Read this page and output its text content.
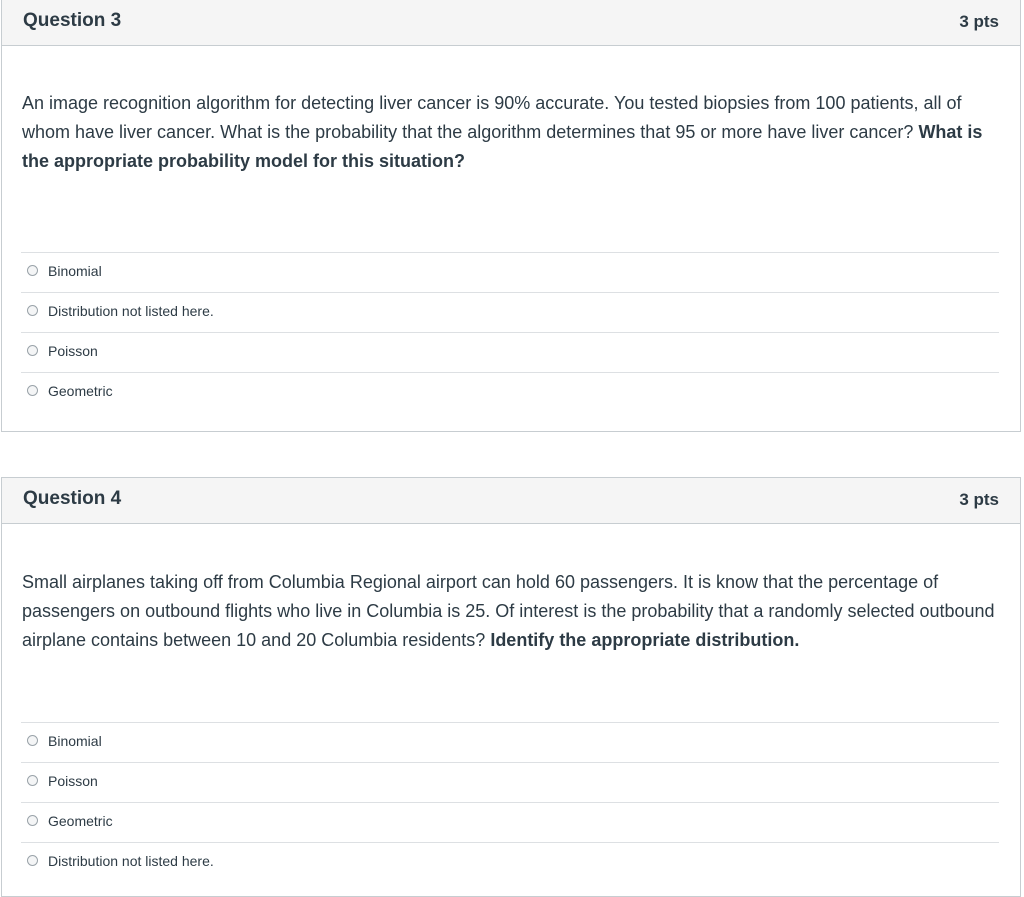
Question 3	3 pts
An image recognition algorithm for detecting liver cancer is 90% accurate. You tested biopsies from 100 patients, all of whom have liver cancer. What is the probability that the algorithm determines that 95 or more have liver cancer? What is the appropriate probability model for this situation?
Binomial
Distribution not listed here.
Poisson
Geometric
Question 4	3 pts
Small airplanes taking off from Columbia Regional airport can hold 60 passengers. It is know that the percentage of passengers on outbound flights who live in Columbia is 25. Of interest is the probability that a randomly selected outbound airplane contains between 10 and 20 Columbia residents? Identify the appropriate distribution.
Binomial
Poisson
Geometric
Distribution not listed here.
